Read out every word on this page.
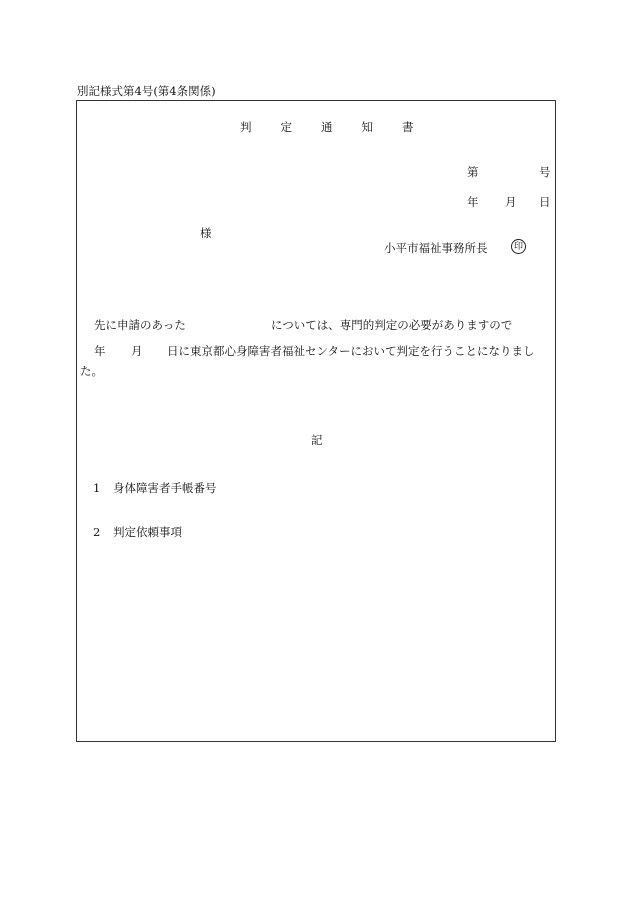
別記様式第4号(第4条関係)
判	定	通	知	書
第	号
年 月 日
様
小平市福祉事務所長	印
先に申請のあった	については、専門的判定の必要がありますので
年 月 日に東京都心身障害者福祉センターにおいて判定を行うことになりまし
た。
記
1 身体障害者手帳番号
2 判定依頼事項
